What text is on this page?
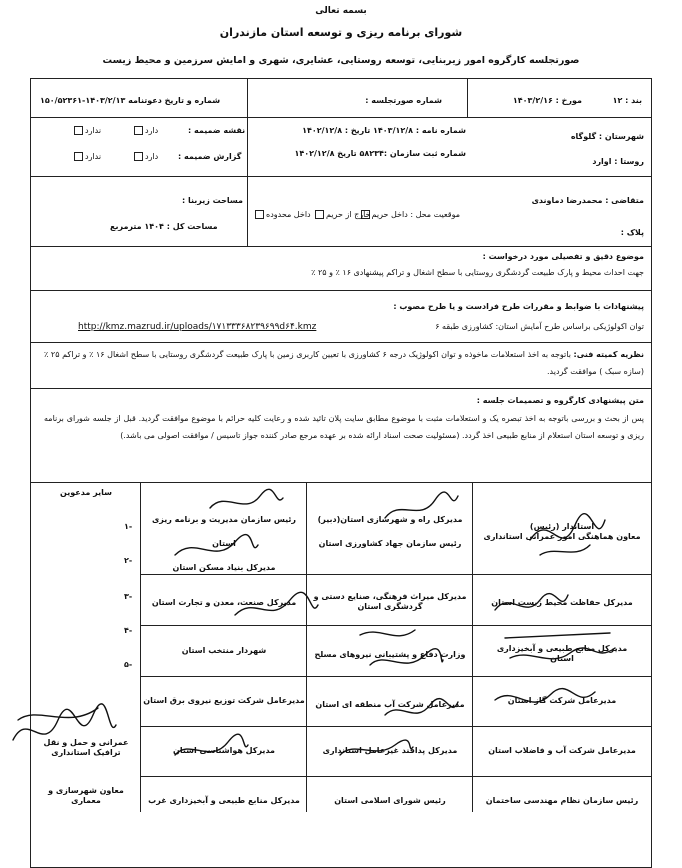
بسمه تعالی
شورای برنامه ریزی و توسعه استان مازندران
صورتجلسه کارگروه امور زیربنایی، توسعه روستایی، عشایری، شهری و امایش سرزمین و محیط زیست
بند : ۱۲
مورخ : ۱۴۰۳/۲/۱۶
شماره صورتجلسه :
شماره و تاریخ دعوتنامه ۱۴۰۳/۲/۱۳-۱۵۰/۵۲۳۶۱
شهرستان : گلوگاه
روستا : اوارد
شماره نامه : ۱۴۰۳/۱۲/۸ تاریخ : ۱۴۰۲/۱۲/۸
شماره ثبت سازمان :۵۸۲۳۴ تاریخ ۱۴۰۲/۱۲/۸
نقشه ضمیمه :
گزارش ضمیمه :
دارد
ندارد
دارد
ندارد
متقاضی : محمدرضا دماوندی
پلاک :
موقعیت محل : داخل حریم
خارج از حریم
داخل محدوده
مساحت زیربنا :
مساحت کل : ۱۴۰۴ مترمربع
موضوع دقیق و تفصیلی مورد درخواست :
جهت احداث محیط و پارک طبیعت گردشگری روستایی با سطح اشغال و تراکم پیشنهادی ۱۶ ٪ و ۲۵ ٪
پیشنهادات با ضوابط و مقررات طرح فرادست و یا طرح مصوب :
توان اکولوژیکی براساس طرح آمایش استان: کشاورزی طبقه ۶
http://kmz.mazrud.ir/uploads/۱۷۱۳۳۳۶۸۲۳۹۶۹۹d۶۴.kmz
نظریه کمیته فنی: باتوجه به اخذ استعلامات ماخوذه و توان اکولوژیک درجه ۶ کشاورزی با تعیین کاربری زمین با پارک طبیعت گردشگری روستایی با سطح اشغال ۱۶ ٪ و تراکم ۲۵ ٪(سازه سبک ) موافقت گردید.
متن پیشنهادی کارگروه و تصمیمات جلسه :
پس از بحث و بررسی باتوجه به اخذ تبصره یک و استعلامات مثبت با موضوع مطابق سایت پلان تائید شده و رعایت کلیه حرائم با موضوع موافقت گردید. قبل از جلسه شورای برنامه ریزی و توسعه استان استعلام از منابع طبیعی اخذ گردد. (مسئولیت صحت اسناد ارائه شده بر عهده مرجع صادر کننده جواز تاسیس / موافقت اصولی می باشد.)
استاندار (رئیس)
معاون هماهنگی امور عمرانی استانداری
مدیرکل حفاظت محیط زیست استان
مدیرکل منابع طبیعی و آبخیزداری
استان
مدیرعامل شرکت گاز استان
مدیرعامل شرکت آب و فاضلاب استان
رئیس سازمان نظام مهندسی ساختمان
مدیرکل راه و شهرسازی استان(دبیر)
رئیس سازمان جهاد کشاورزی استان
مدیرکل میراث فرهنگی، صنایع دستی و
گردشگری استان
وزارت دفاع و پشتیبانی نیروهای مسلح
مدیرعامل شرکت آب منطقه ای استان
مدیرکل پدافند غیرعامل استانداری
رئیس شورای اسلامی استان
رئیس سازمان مدیریت و برنامه ریزی استان
مدیرکل بنیاد مسکن استان
مدیرکل صنعت، معدن و تجارت استان
شهردار منتخب استان
مدیرعامل شرکت توزیع نیروی برق استان
مدیرکل هواشناسی استان
مدیرکل منابع طبیعی و آبخیزداری غرب
سایر مدعوین
-۱
-۲
-۳
-۴
-۵
عمرانی و حمل و نقل
ترافیک استانداری
معاون شهرسازی و
معماری
